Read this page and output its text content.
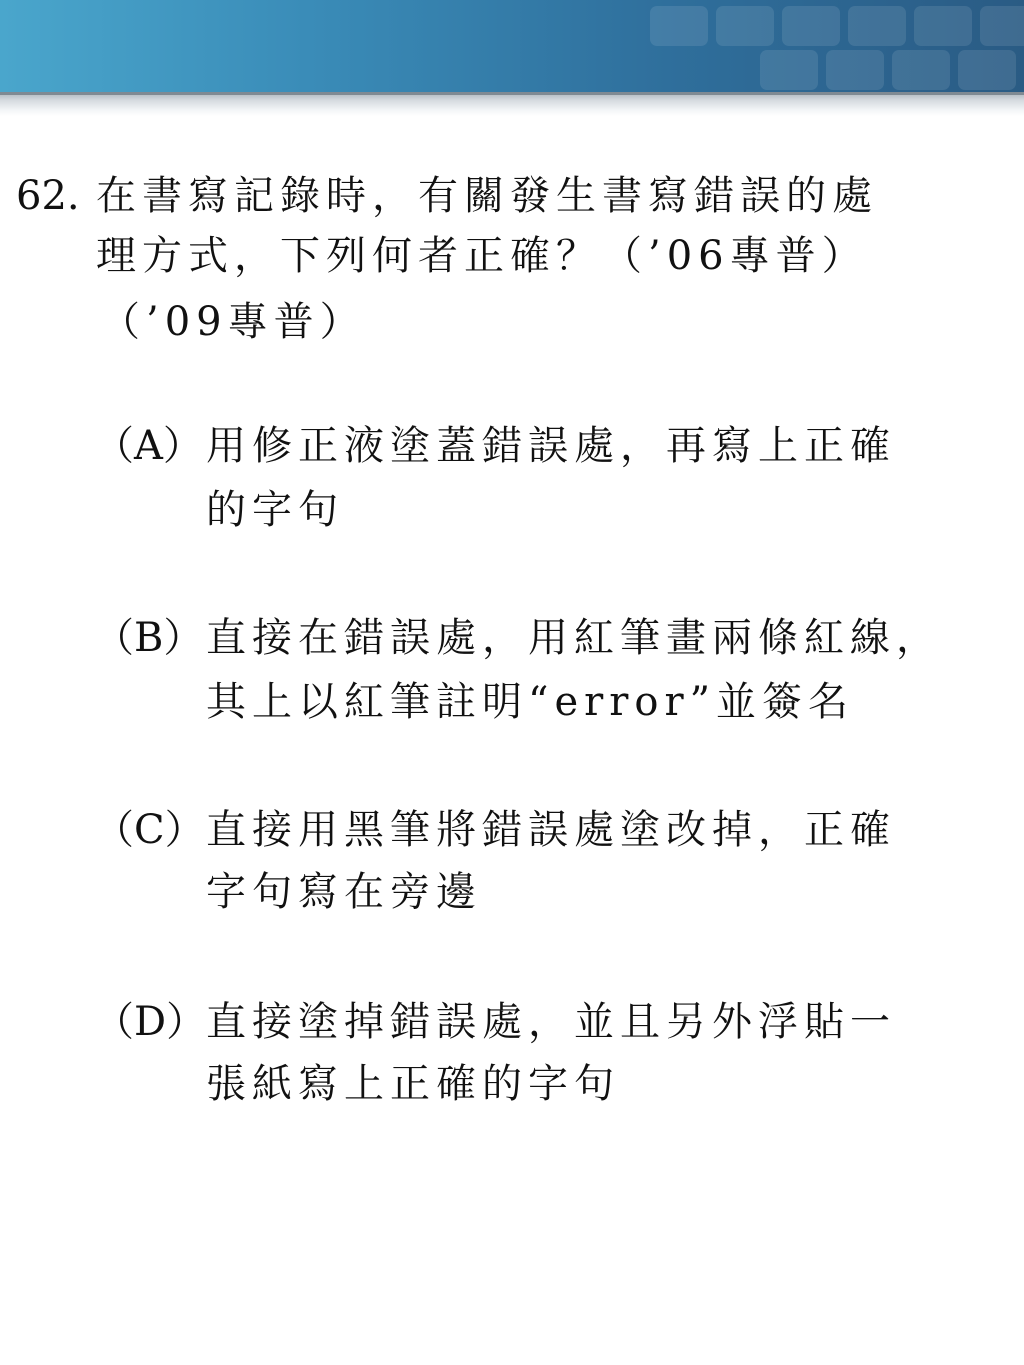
62. 在書寫記錄時，有關發生書寫錯誤的處
理方式，下列何者正確？（’06專普）
（’09專普）
（A） 用修正液塗蓋錯誤處，再寫上正確
的字句
（B） 直接在錯誤處，用紅筆畫兩條紅線，
其上以紅筆註明“error”並簽名
（C） 直接用黑筆將錯誤處塗改掉，正確
字句寫在旁邊
（D） 直接塗掉錯誤處，並且另外浮貼一
張紙寫上正確的字句
